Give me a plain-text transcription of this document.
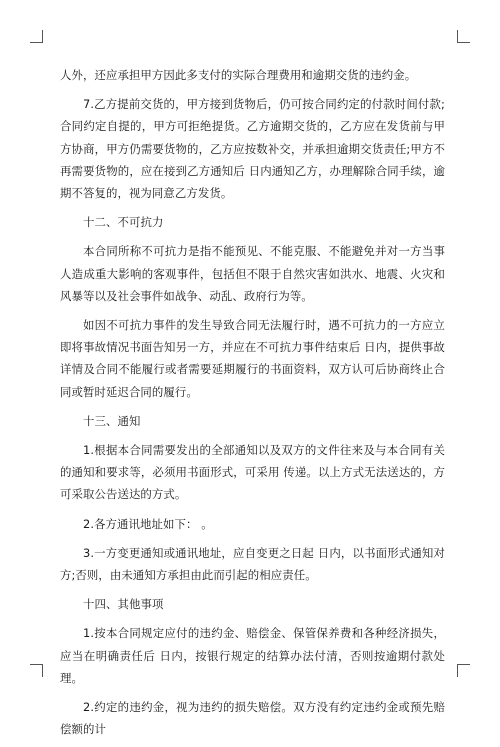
人外，还应承担甲方因此多支付的实际合理费用和逾期交货的违约金。

7.乙方提前交货的，甲方接到货物后，仍可按合同约定的付款时间付款;合同约定自提的，甲方可拒绝提货。乙方逾期交货的，乙方应在发货前与甲方协商，甲方仍需要货物的，乙方应按数补交，并承担逾期交货责任;甲方不再需要货物的，应在接到乙方通知后 日内通知乙方，办理解除合同手续，逾期不答复的，视为同意乙方发货。

十二、不可抗力

本合同所称不可抗力是指不能预见、不能克服、不能避免并对一方当事人造成重大影响的客观事件，包括但不限于自然灾害如洪水、地震、火灾和风暴等以及社会事件如战争、动乱、政府行为等。

如因不可抗力事件的发生导致合同无法履行时，遇不可抗力的一方应立即将事故情况书面告知另一方，并应在不可抗力事件结束后 日内，提供事故详情及合同不能履行或者需要延期履行的书面资料，双方认可后协商终止合同或暂时延迟合同的履行。

十三、通知

1.根据本合同需要发出的全部通知以及双方的文件往来及与本合同有关的通知和要求等，必须用书面形式，可采用 传递。以上方式无法送达的，方可采取公告送达的方式。

2.各方通讯地址如下： 。

3.一方变更通知或通讯地址，应自变更之日起 日内，以书面形式通知对方;否则，由未通知方承担由此而引起的相应责任。

十四、其他事项

1.按本合同规定应付的违约金、赔偿金、保管保养费和各种经济损失，应当在明确责任后 日内，按银行规定的结算办法付清，否则按逾期付款处理。

2.约定的违约金，视为违约的损失赔偿。双方没有约定违约金或预先赔偿额的计
